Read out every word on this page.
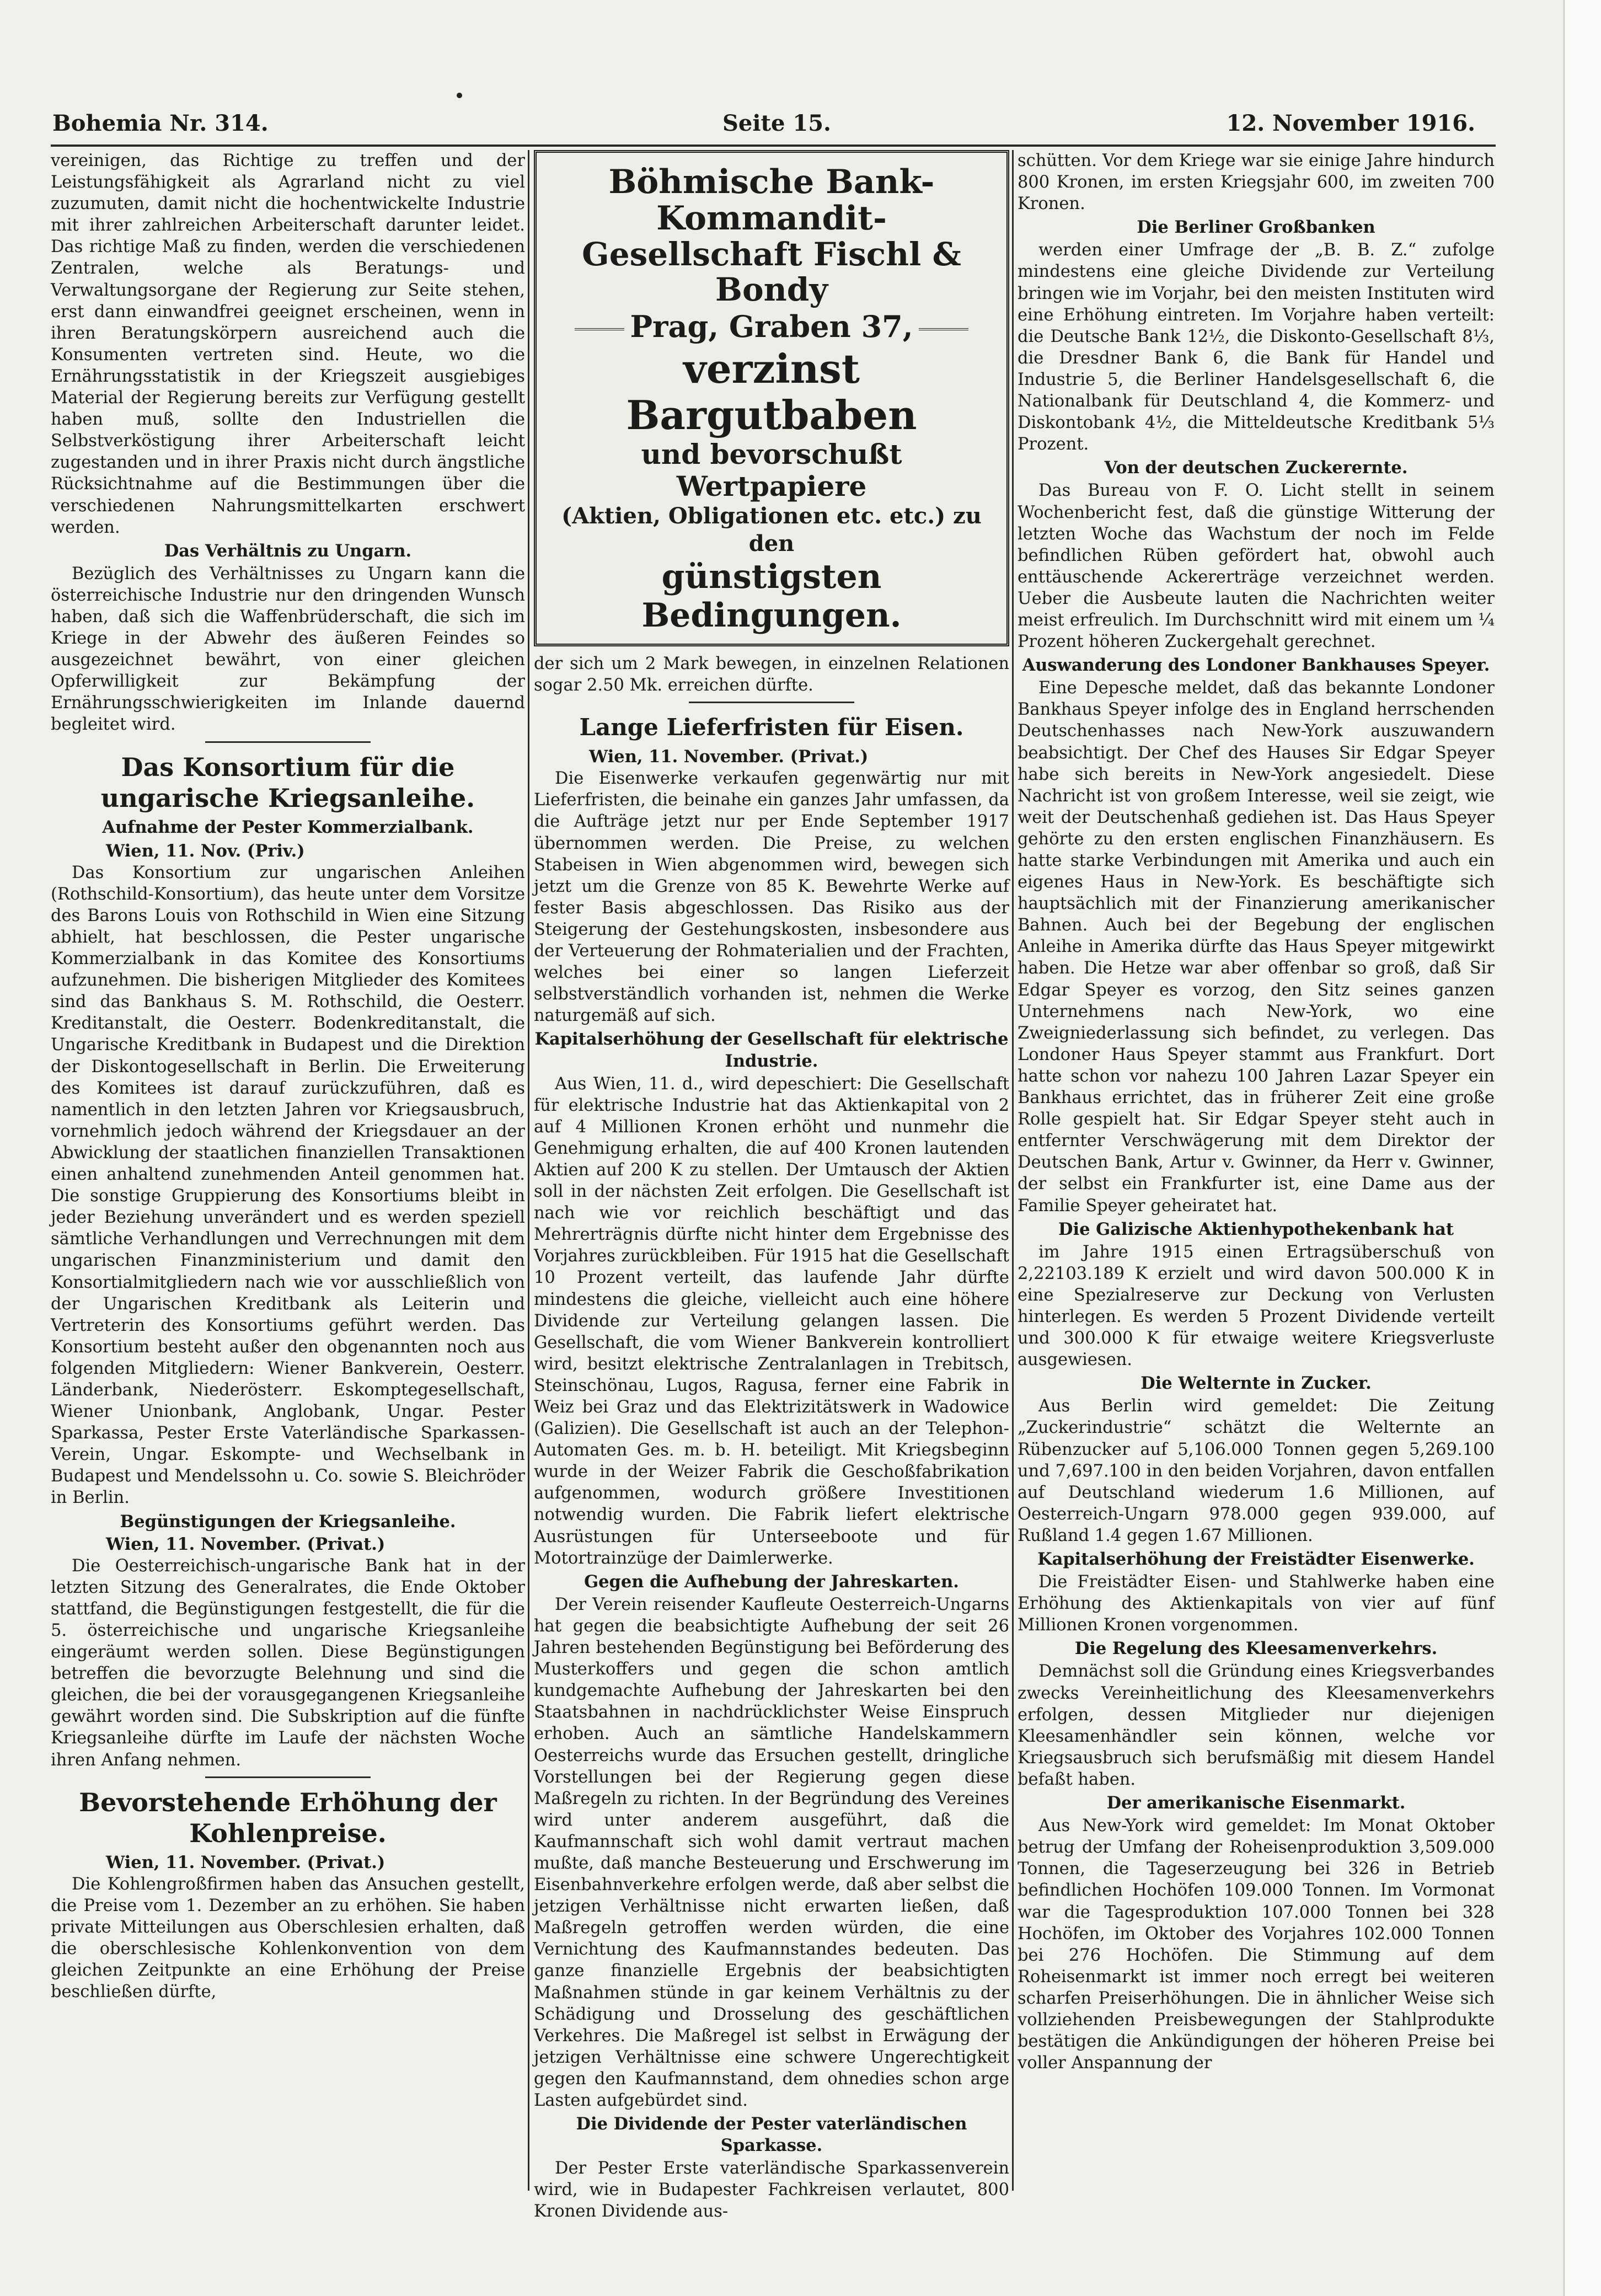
Bohemia Nr. 314.	Seite 15.	12. November 1916.

vereinigen, das Richtige zu treffen und der Leistungsfähigkeit als Agrarland nicht zu viel zuzumuten, damit nicht die hochentwickelte Industrie mit ihrer zahlreichen Arbeiterschaft darunter leidet. Das richtige Maß zu finden, werden die verschiedenen Zentralen, welche als Beratungs- und Verwaltungsorgane der Regierung zur Seite stehen, erst dann einwandfrei geeignet erscheinen, wenn in ihren Beratungskörpern ausreichend auch die Konsumenten vertreten sind. Heute, wo die Ernährungsstatistik in der Kriegszeit ausgiebiges Material der Regierung bereits zur Verfügung gestellt haben muß, sollte den Industriellen die Selbstverköstigung ihrer Arbeiterschaft leicht zugestanden und in ihrer Praxis nicht durch ängstliche Rücksichtnahme auf die Bestimmungen über die verschiedenen Nahrungsmittelkarten erschwert werden.

Das Verhältnis zu Ungarn.

Bezüglich des Verhältnisses zu Ungarn kann die österreichische Industrie nur den dringenden Wunsch haben, daß sich die Waffenbrüderschaft, die sich im Kriege in der Abwehr des äußeren Feindes so ausgezeichnet bewährt, von einer gleichen Opferwilligkeit zur Bekämpfung der Ernährungsschwierigkeiten im Inlande dauernd begleitet wird.

Das Konsortium für die ungarische Kriegsanleihe.
Aufnahme der Pester Kommerzialbank.

Wien, 11. Nov. (Priv.)

Das Konsortium zur ungarischen Anleihen (Rothschild-Konsortium), das heute unter dem Vorsitze des Barons Louis von Rothschild in Wien eine Sitzung abhielt, hat beschlossen, die Pester ungarische Kommerzialbank in das Komitee des Konsortiums aufzunehmen. Die bisherigen Mitglieder des Komitees sind das Bankhaus S. M. Rothschild, die Oesterr. Kreditanstalt, die Oesterr. Bodenkreditanstalt, die Ungarische Kreditbank in Budapest und die Direktion der Diskontogesellschaft in Berlin. Die Erweiterung des Komitees ist darauf zurückzuführen, daß es namentlich in den letzten Jahren vor Kriegsausbruch, vornehmlich jedoch während der Kriegsdauer an der Abwicklung der staatlichen finanziellen Transaktionen einen anhaltend zunehmenden Anteil genommen hat. Die sonstige Gruppierung des Konsortiums bleibt in jeder Beziehung unverändert und es werden speziell sämtliche Verhandlungen und Verrechnungen mit dem ungarischen Finanzministerium und damit den Konsortialmitgliedern nach wie vor ausschließlich von der Ungarischen Kreditbank als Leiterin und Vertreterin des Konsortiums geführt werden. Das Konsortium besteht außer den obgenannten noch aus folgenden Mitgliedern: Wiener Bankverein, Oesterr. Länderbank, Niederösterr. Eskomptegesellschaft, Wiener Unionbank, Anglobank, Ungar. Pester Sparkassa, Pester Erste Vaterländische Sparkassen-Verein, Ungar. Eskompte- und Wechselbank in Budapest und Mendelssohn u. Co. sowie S. Bleichröder in Berlin.

Begünstigungen der Kriegsanleihe.

Wien, 11. November. (Privat.)

Die Oesterreichisch-ungarische Bank hat in der letzten Sitzung des Generalrates, die Ende Oktober stattfand, die Begünstigungen festgestellt, die für die 5. österreichische und ungarische Kriegsanleihe eingeräumt werden sollen. Diese Begünstigungen betreffen die bevorzugte Belehnung und sind die gleichen, die bei der vorausgegangenen Kriegsanleihe gewährt worden sind. Die Subskription auf die fünfte Kriegsanleihe dürfte im Laufe der nächsten Woche ihren Anfang nehmen.

Bevorstehende Erhöhung der Kohlenpreise.

Wien, 11. November. (Privat.)

Die Kohlengroßfirmen haben das Ansuchen gestellt, die Preise vom 1. Dezember an zu erhöhen. Sie haben private Mitteilungen aus Oberschlesien erhalten, daß die oberschlesische Kohlenkonvention von dem gleichen Zeitpunkte an eine Erhöhung der Preise beschließen dürfte,

Böhmische Bank-Kommandit-
Gesellschaft Fischl & Bondy
Prag, Graben 37,
verzinst Bargutbaben
und bevorschußt Wertpapiere
(Aktien, Obligationen etc. etc.) zu den
günstigsten Bedingungen.

der sich um 2 Mark bewegen, in einzelnen Relationen sogar 2.50 Mk. erreichen dürfte.

Lange Lieferfristen für Eisen.

Wien, 11. November. (Privat.)

Die Eisenwerke verkaufen gegenwärtig nur mit Lieferfristen, die beinahe ein ganzes Jahr umfassen, da die Aufträge jetzt nur per Ende September 1917 übernommen werden. Die Preise, zu welchen Stabeisen in Wien abgenommen wird, bewegen sich jetzt um die Grenze von 85 K. Bewehrte Werke auf fester Basis abgeschlossen. Das Risiko aus der Steigerung der Gestehungskosten, insbesondere aus der Verteuerung der Rohmaterialien und der Frachten, welches bei einer so langen Lieferzeit selbstverständlich vorhanden ist, nehmen die Werke naturgemäß auf sich.

Kapitalserhöhung der Gesellschaft für elektrische Industrie.

Aus Wien, 11. d., wird depeschiert: Die Gesellschaft für elektrische Industrie hat das Aktienkapital von 2 auf 4 Millionen Kronen erhöht und nunmehr die Genehmigung erhalten, die auf 400 Kronen lautenden Aktien auf 200 K zu stellen. Der Umtausch der Aktien soll in der nächsten Zeit erfolgen. Die Gesellschaft ist nach wie vor reichlich beschäftigt und das Mehrerträgnis dürfte nicht hinter dem Ergebnisse des Vorjahres zurückbleiben. Für 1915 hat die Gesellschaft 10 Prozent verteilt, das laufende Jahr dürfte mindestens die gleiche, vielleicht auch eine höhere Dividende zur Verteilung gelangen lassen. Die Gesellschaft, die vom Wiener Bankverein kontrolliert wird, besitzt elektrische Zentralanlagen in Trebitsch, Steinschönau, Lugos, Ragusa, ferner eine Fabrik in Weiz bei Graz und das Elektrizitätswerk in Wadowice (Galizien). Die Gesellschaft ist auch an der Telephon-Automaten Ges. m. b. H. beteiligt. Mit Kriegsbeginn wurde in der Weizer Fabrik die Geschoßfabrikation aufgenommen, wodurch größere Investitionen notwendig wurden. Die Fabrik liefert elektrische Ausrüstungen für Unterseeboote und für Motortrainzüge der Daimlerwerke.

Gegen die Aufhebung der Jahreskarten.

Der Verein reisender Kaufleute Oesterreich-Ungarns hat gegen die beabsichtigte Aufhebung der seit 26 Jahren bestehenden Begünstigung bei Beförderung des Musterkoffers und gegen die schon amtlich kundgemachte Aufhebung der Jahreskarten bei den Staatsbahnen in nachdrücklichster Weise Einspruch erhoben. Auch an sämtliche Handelskammern Oesterreichs wurde das Ersuchen gestellt, dringliche Vorstellungen bei der Regierung gegen diese Maßregeln zu richten. In der Begründung des Vereines wird unter anderem ausgeführt, daß die Kaufmannschaft sich wohl damit vertraut machen mußte, daß manche Besteuerung und Erschwerung im Eisenbahnverkehre erfolgen werde, daß aber selbst die jetzigen Verhältnisse nicht erwarten ließen, daß Maßregeln getroffen werden würden, die eine Vernichtung des Kaufmannstandes bedeuten. Das ganze finanzielle Ergebnis der beabsichtigten Maßnahmen stünde in gar keinem Verhältnis zu der Schädigung und Drosselung des geschäftlichen Verkehres. Die Maßregel ist selbst in Erwägung der jetzigen Verhältnisse eine schwere Ungerechtigkeit gegen den Kaufmannstand, dem ohnedies schon arge Lasten aufgebürdet sind.

Die Dividende der Pester vaterländischen Sparkasse.

Der Pester Erste vaterländische Sparkassenverein wird, wie in Budapester Fachkreisen verlautet, 800 Kronen Dividende aus-

schütten. Vor dem Kriege war sie einige Jahre hindurch 800 Kronen, im ersten Kriegsjahr 600, im zweiten 700 Kronen.

Die Berliner Großbanken

werden einer Umfrage der „B. B. Z.“ zufolge mindestens eine gleiche Dividende zur Verteilung bringen wie im Vorjahr, bei den meisten Instituten wird eine Erhöhung eintreten. Im Vorjahre haben verteilt: die Deutsche Bank 12½, die Diskonto-Gesellschaft 8⅓, die Dresdner Bank 6, die Bank für Handel und Industrie 5, die Berliner Handelsgesellschaft 6, die Nationalbank für Deutschland 4, die Kommerz- und Diskontobank 4½, die Mitteldeutsche Kreditbank 5⅓ Prozent.

Von der deutschen Zuckerernte.

Das Bureau von F. O. Licht stellt in seinem Wochenbericht fest, daß die günstige Witterung der letzten Woche das Wachstum der noch im Felde befindlichen Rüben gefördert hat, obwohl auch enttäuschende Ackererträge verzeichnet werden. Ueber die Ausbeute lauten die Nachrichten weiter meist erfreulich. Im Durchschnitt wird mit einem um ¼ Prozent höheren Zuckergehalt gerechnet.

Auswanderung des Londoner Bankhauses Speyer.

Eine Depesche meldet, daß das bekannte Londoner Bankhaus Speyer infolge des in England herrschenden Deutschenhasses nach New-York auszuwandern beabsichtigt. Der Chef des Hauses Sir Edgar Speyer habe sich bereits in New-York angesiedelt. Diese Nachricht ist von großem Interesse, weil sie zeigt, wie weit der Deutschenhaß gediehen ist. Das Haus Speyer gehörte zu den ersten englischen Finanzhäusern. Es hatte starke Verbindungen mit Amerika und auch ein eigenes Haus in New-York. Es beschäftigte sich hauptsächlich mit der Finanzierung amerikanischer Bahnen. Auch bei der Begebung der englischen Anleihe in Amerika dürfte das Haus Speyer mitgewirkt haben. Die Hetze war aber offenbar so groß, daß Sir Edgar Speyer es vorzog, den Sitz seines ganzen Unternehmens nach New-York, wo eine Zweigniederlassung sich befindet, zu verlegen. Das Londoner Haus Speyer stammt aus Frankfurt. Dort hatte schon vor nahezu 100 Jahren Lazar Speyer ein Bankhaus errichtet, das in früherer Zeit eine große Rolle gespielt hat. Sir Edgar Speyer steht auch in entfernter Verschwägerung mit dem Direktor der Deutschen Bank, Artur v. Gwinner, da Herr v. Gwinner, der selbst ein Frankfurter ist, eine Dame aus der Familie Speyer geheiratet hat.

Die Galizische Aktienhypothekenbank hat

im Jahre 1915 einen Ertragsüberschuß von 2,22103.189 K erzielt und wird davon 500.000 K in eine Spezialreserve zur Deckung von Verlusten hinterlegen. Es werden 5 Prozent Dividende verteilt und 300.000 K für etwaige weitere Kriegsverluste ausgewiesen.

Die Welternte in Zucker.

Aus Berlin wird gemeldet: Die Zeitung „Zuckerindustrie“ schätzt die Welternte an Rübenzucker auf 5,106.000 Tonnen gegen 5,269.100 und 7,697.100 in den beiden Vorjahren, davon entfallen auf Deutschland wiederum 1.6 Millionen, auf Oesterreich-Ungarn 978.000 gegen 939.000, auf Rußland 1.4 gegen 1.67 Millionen.

Kapitalserhöhung der Freistädter Eisenwerke.

Die Freistädter Eisen- und Stahlwerke haben eine Erhöhung des Aktienkapitals von vier auf fünf Millionen Kronen vorgenommen.

Die Regelung des Kleesamenverkehrs.

Demnächst soll die Gründung eines Kriegsverbandes zwecks Vereinheitlichung des Kleesamenverkehrs erfolgen, dessen Mitglieder nur diejenigen Kleesamenhändler sein können, welche vor Kriegsausbruch sich berufsmäßig mit diesem Handel befaßt haben.

Der amerikanische Eisenmarkt.

Aus New-York wird gemeldet: Im Monat Oktober betrug der Umfang der Roheisenproduktion 3,509.000 Tonnen, die Tageserzeugung bei 326 in Betrieb befindlichen Hochöfen 109.000 Tonnen. Im Vormonat war die Tagesproduktion 107.000 Tonnen bei 328 Hochöfen, im Oktober des Vorjahres 102.000 Tonnen bei 276 Hochöfen. Die Stimmung auf dem Roheisenmarkt ist immer noch erregt bei weiteren scharfen Preiserhöhungen. Die in ähnlicher Weise sich vollziehenden Preisbewegungen der Stahlprodukte bestätigen die Ankündigungen der höheren Preise bei voller Anspannung der
